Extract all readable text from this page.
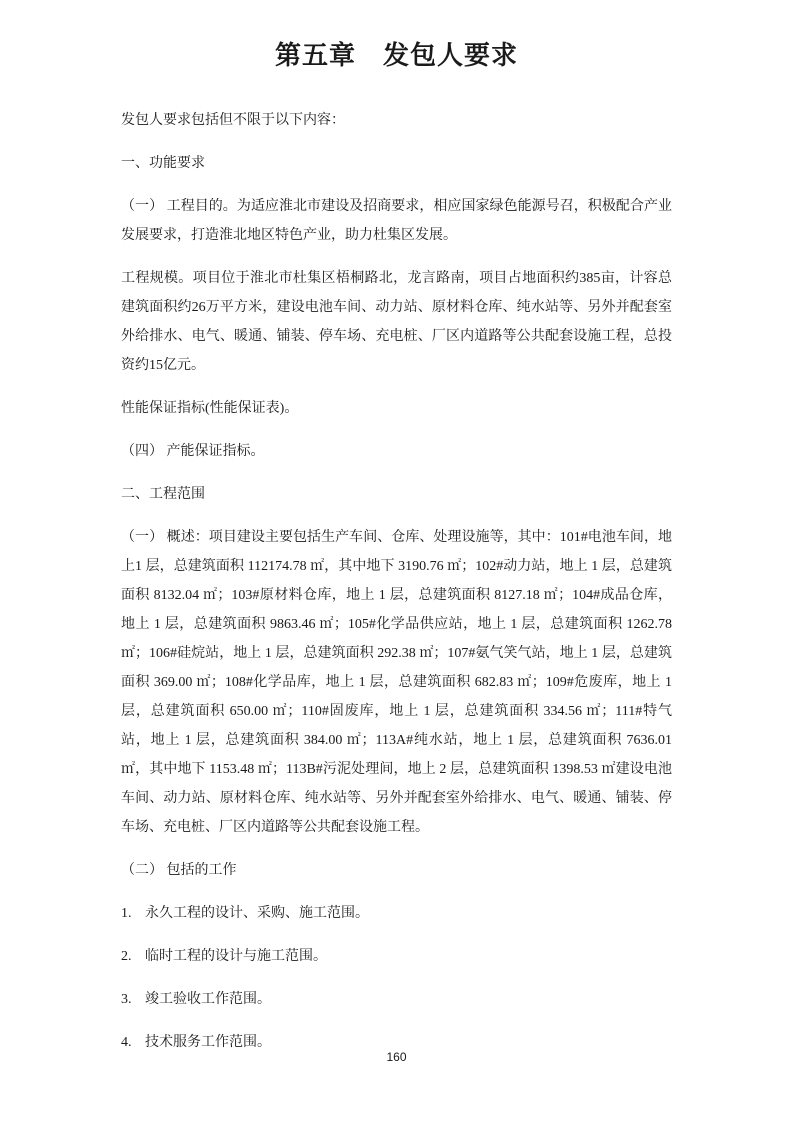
第五章　发包人要求

发包人要求包括但不限于以下内容：

一、功能要求

（一） 工程目的。为适应淮北市建设及招商要求，相应国家绿色能源号召，积极配合产业发展要求，打造淮北地区特色产业，助力杜集区发展。

工程规模。项目位于淮北市杜集区梧桐路北，龙言路南，项目占地面积约385亩，计容总建筑面积约26万平方米，建设电池车间、动力站、原材料仓库、纯水站等、另外并配套室外给排水、电气、暖通、铺装、停车场、充电桩、厂区内道路等公共配套设施工程，总投资约15亿元。

性能保证指标(性能保证表)。

（四） 产能保证指标。

二、工程范围

（一） 概述：项目建设主要包括生产车间、仓库、处理设施等，其中：101#电池车间，地上1 层，总建筑面积 112174.78 ㎡，其中地下 3190.76 ㎡；102#动力站，地上 1 层，总建筑面积 8132.04 ㎡；103#原材料仓库，地上 1 层，总建筑面积 8127.18 ㎡；104#成品仓库，地上 1 层，总建筑面积 9863.46 ㎡；105#化学品供应站，地上 1 层，总建筑面积 1262.78 ㎡；106#硅烷站，地上 1 层，总建筑面积 292.38 ㎡；107#氨气笑气站，地上 1 层，总建筑面积 369.00 ㎡；108#化学品库，地上 1 层，总建筑面积 682.83 ㎡；109#危废库，地上 1 层，总建筑面积 650.00 ㎡；110#固废库，地上 1 层，总建筑面积 334.56 ㎡；111#特气站，地上 1 层，总建筑面积 384.00 ㎡；113A#纯水站，地上 1 层，总建筑面积 7636.01 ㎡，其中地下 1153.48 ㎡；113B#污泥处理间，地上 2 层，总建筑面积 1398.53 ㎡建设电池车间、动力站、原材料仓库、纯水站等、另外并配套室外给排水、电气、暖通、铺装、停车场、充电桩、厂区内道路等公共配套设施工程。

（二） 包括的工作

1. 永久工程的设计、采购、施工范围。
2. 临时工程的设计与施工范围。
3. 竣工验收工作范围。
4. 技术服务工作范围。
160
